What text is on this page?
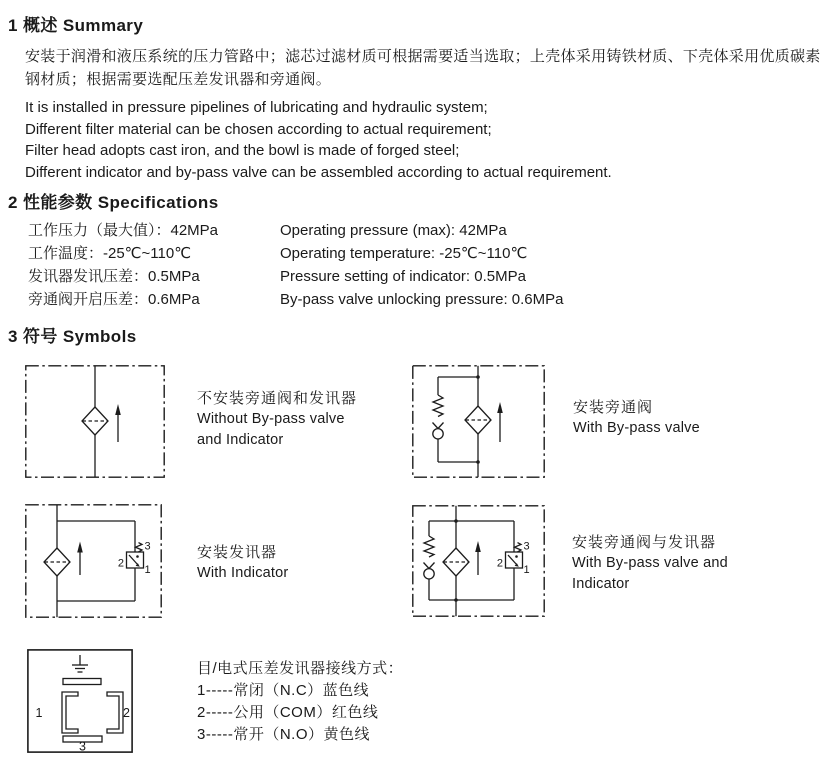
1 概述 Summary
安装于润滑和液压系统的压力管路中；滤芯过滤材质可根据需要适当选取；上壳体采用铸铁材质、下壳体采用优质碳素钢材质；根据需要选配压差发讯器和旁通阀。
It is installed in pressure pipelines of lubricating and hydraulic system;
Different filter material can be chosen according to actual requirement;
Filter head adopts cast iron, and the bowl is made of forged steel;
Different indicator and by-pass valve can be assembled according to actual requirement.
2 性能参数 Specifications
工作压力（最大值）：42MPa	Operating pressure (max): 42MPa
工作温度：-25℃~110℃	Operating temperature: -25℃~110℃
发讯器发讯压差：0.5MPa	Pressure setting of indicator: 0.5MPa
旁通阀开启压差：0.6MPa	By-pass valve unlocking pressure: 0.6MPa
3 符号 Symbols
不安装旁通阀和发讯器
Without By-pass valve
and Indicator
安装旁通阀
With By-pass valve
2
3
1
安装发讯器
With Indicator
2
3
1
安装旁通阀与发讯器
With By-pass valve and
Indicator
1	2
3
目/电式压差发讯器接线方式：
1-----常闭（N.C）蓝色线
2-----公用（COM）红色线
3-----常开（N.O）黄色线
